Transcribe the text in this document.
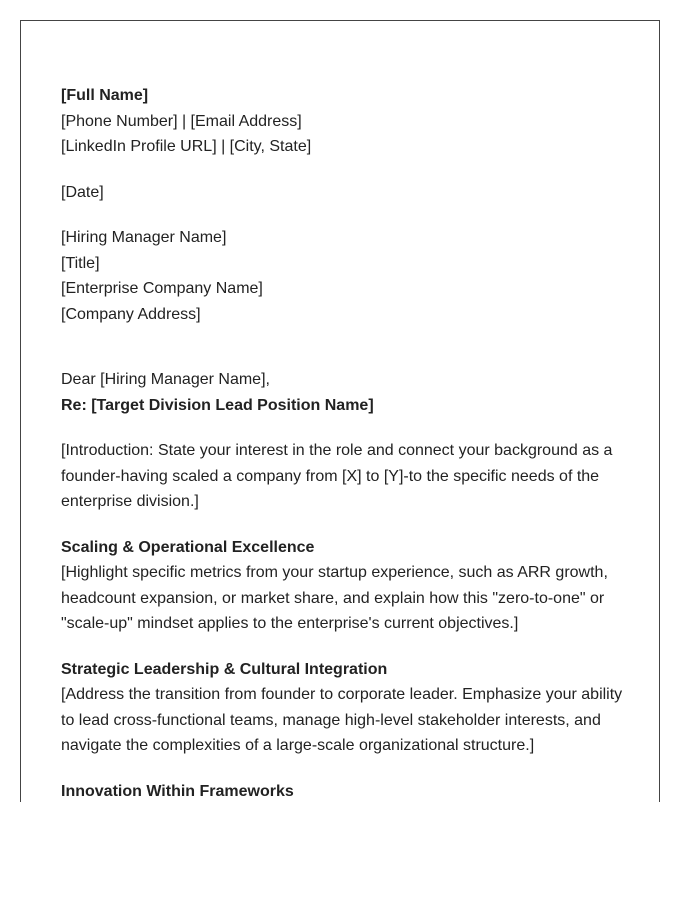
[Full Name]
[Phone Number] | [Email Address]
[LinkedIn Profile URL] | [City, State]
[Date]
[Hiring Manager Name]
[Title]
[Enterprise Company Name]
[Company Address]
Dear [Hiring Manager Name],
Re: [Target Division Lead Position Name]
[Introduction: State your interest in the role and connect your background as a founder-having scaled a company from [X] to [Y]-to the specific needs of the enterprise division.]
Scaling & Operational Excellence
[Highlight specific metrics from your startup experience, such as ARR growth, headcount expansion, or market share, and explain how this "zero-to-one" or "scale-up" mindset applies to the enterprise's current objectives.]
Strategic Leadership & Cultural Integration
[Address the transition from founder to corporate leader. Emphasize your ability to lead cross-functional teams, manage high-level stakeholder interests, and navigate the complexities of a large-scale organizational structure.]
Innovation Within Frameworks
